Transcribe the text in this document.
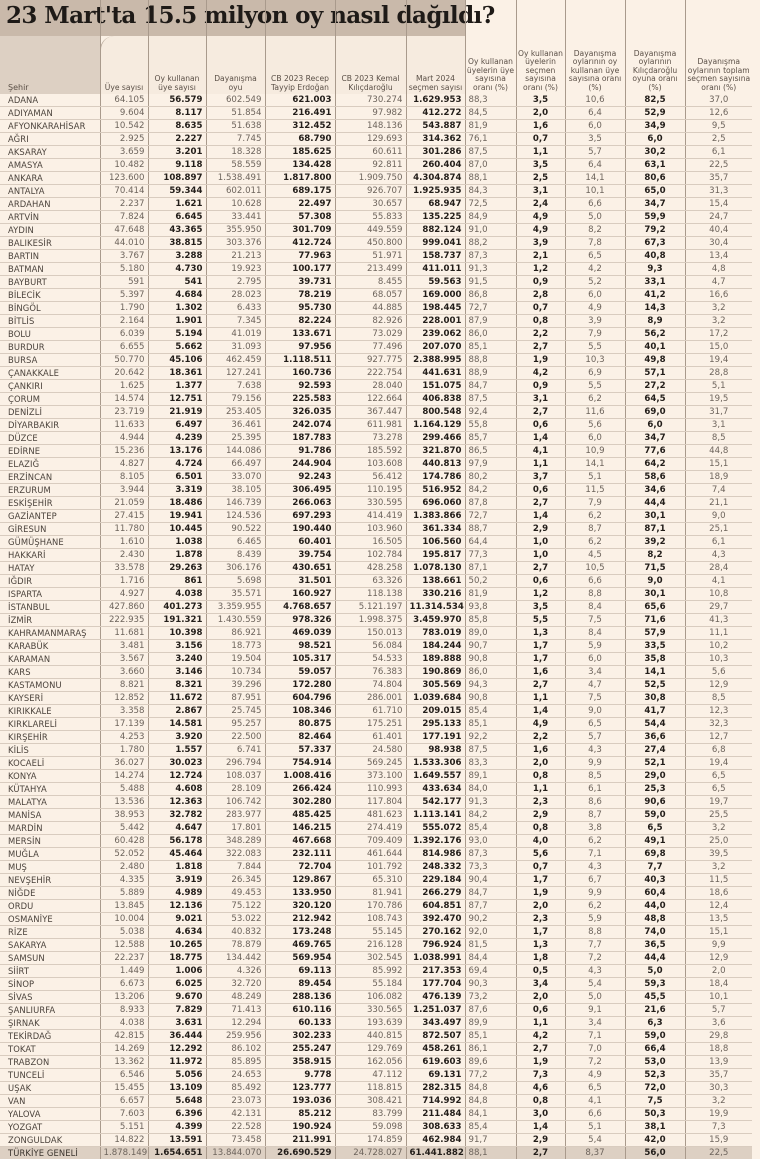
23 Mart'ta 15.5 milyon oy nasıl dağıldı?
Şehir	Üye sayısı	Oy kullanan üye sayısı	Dayanışma oyu	CB 2023 Recep Tayyip Erdoğan	CB 2023 Kemal Kılıçdaroğlu	Mart 2024 seçmen sayısı	Oy kullanan üyelerin üye sayısına oranı (%)	Oy kullanan üyelerin seçmen sayısına oranı (%)	Dayanışma oylarının oy kullanan üye sayısına oranı (%)	Dayanışma oylarının Kılıçdaroğlu oyuna oranı (%)	Dayanışma oylarının toplam seçmen sayısına oranı (%)
ADANA	64.105	56.579	602.549	621.003	730.274	1.629.953	88,3	3,5	10,6	82,5	37,0
ADIYAMAN	9.604	8.117	51.854	216.491	97.982	412.272	84,5	2,0	6,4	52,9	12,6
AFYONKARAHİSAR	10.542	8.635	51.638	312.452	148.136	543.887	81,9	1,6	6,0	34,9	9,5
AĞRI	2.925	2.227	7.745	68.790	129.693	314.362	76,1	0,7	3,5	6,0	2,5
AKSARAY	3.659	3.201	18.328	185.625	60.611	301.286	87,5	1,1	5,7	30,2	6,1
AMASYA	10.482	9.118	58.559	134.428	92.811	260.404	87,0	3,5	6,4	63,1	22,5
ANKARA	123.600	108.897	1.538.491	1.817.800	1.909.750	4.304.874	88,1	2,5	14,1	80,6	35,7
ANTALYA	70.414	59.344	602.011	689.175	926.707	1.925.935	84,3	3,1	10,1	65,0	31,3
ARDAHAN	2.237	1.621	10.628	22.497	30.657	68.947	72,5	2,4	6,6	34,7	15,4
ARTVİN	7.824	6.645	33.441	57.308	55.833	135.225	84,9	4,9	5,0	59,9	24,7
AYDIN	47.648	43.365	355.950	301.709	449.559	882.124	91,0	4,9	8,2	79,2	40,4
BALIKESİR	44.010	38.815	303.376	412.724	450.800	999.041	88,2	3,9	7,8	67,3	30,4
BARTIN	3.767	3.288	21.213	77.963	51.971	158.737	87,3	2,1	6,5	40,8	13,4
BATMAN	5.180	4.730	19.923	100.177	213.499	411.011	91,3	1,2	4,2	9,3	4,8
BAYBURT	591	541	2.795	39.731	8.455	59.563	91,5	0,9	5,2	33,1	4,7
BİLECİK	5.397	4.684	28.023	78.219	68.057	169.000	86,8	2,8	6,0	41,2	16,6
BİNGÖL	1.790	1.302	6.433	95.730	44.885	198.445	72,7	0,7	4,9	14,3	3,2
BİTLİS	2.164	1.901	7.345	82.224	82.926	228.001	87,9	0,8	3,9	8,9	3,2
BOLU	6.039	5.194	41.019	133.671	73.029	239.062	86,0	2,2	7,9	56,2	17,2
BURDUR	6.655	5.662	31.093	97.956	77.496	207.070	85,1	2,7	5,5	40,1	15,0
BURSA	50.770	45.106	462.459	1.118.511	927.775	2.388.995	88,8	1,9	10,3	49,8	19,4
ÇANAKKALE	20.642	18.361	127.241	160.736	222.754	441.631	88,9	4,2	6,9	57,1	28,8
ÇANKIRI	1.625	1.377	7.638	92.593	28.040	151.075	84,7	0,9	5,5	27,2	5,1
ÇORUM	14.574	12.751	79.156	225.583	122.664	406.838	87,5	3,1	6,2	64,5	19,5
DENİZLİ	23.719	21.919	253.405	326.035	367.447	800.548	92,4	2,7	11,6	69,0	31,7
DİYARBAKIR	11.633	6.497	36.461	242.074	611.981	1.164.129	55,8	0,6	5,6	6,0	3,1
DÜZCE	4.944	4.239	25.395	187.783	73.278	299.466	85,7	1,4	6,0	34,7	8,5
EDİRNE	15.236	13.176	144.086	91.786	185.592	321.870	86,5	4,1	10,9	77,6	44,8
ELAZIĞ	4.827	4.724	66.497	244.904	103.608	440.813	97,9	1,1	14,1	64,2	15,1
ERZİNCAN	8.105	6.501	33.070	92.243	56.412	174.786	80,2	3,7	5,1	58,6	18,9
ERZURUM	3.944	3.319	38.105	306.495	110.195	516.952	84,2	0,6	11,5	34,6	7,4
ESKİŞEHİR	21.059	18.486	146.739	266.063	330.595	696.060	87,8	2,7	7,9	44,4	21,1
GAZİANTEP	27.415	19.941	124.536	697.293	414.419	1.383.866	72,7	1,4	6,2	30,1	9,0
GİRESUN	11.780	10.445	90.522	190.440	103.960	361.334	88,7	2,9	8,7	87,1	25,1
GÜMÜŞHANE	1.610	1.038	6.465	60.401	16.505	106.560	64,4	1,0	6,2	39,2	6,1
HAKKARİ	2.430	1.878	8.439	39.754	102.784	195.817	77,3	1,0	4,5	8,2	4,3
HATAY	33.578	29.263	306.176	430.651	428.258	1.078.130	87,1	2,7	10,5	71,5	28,4
IĞDIR	1.716	861	5.698	31.501	63.326	138.661	50,2	0,6	6,6	9,0	4,1
ISPARTA	4.927	4.038	35.571	160.927	118.138	330.216	81,9	1,2	8,8	30,1	10,8
İSTANBUL	427.860	401.273	3.359.955	4.768.657	5.121.197	11.314.534	93,8	3,5	8,4	65,6	29,7
İZMİR	222.935	191.321	1.430.559	978.326	1.998.375	3.459.970	85,8	5,5	7,5	71,6	41,3
KAHRAMANMARAŞ	11.681	10.398	86.921	469.039	150.013	783.019	89,0	1,3	8,4	57,9	11,1
KARABÜK	3.481	3.156	18.773	98.521	56.084	184.244	90,7	1,7	5,9	33,5	10,2
KARAMAN	3.567	3.240	19.504	105.317	54.533	189.888	90,8	1,7	6,0	35,8	10,3
KARS	3.660	3.146	10.734	59.057	76.383	190.869	86,0	1,6	3,4	14,1	5,6
KASTAMONU	8.821	8.321	39.296	172.280	74.804	305.569	94,3	2,7	4,7	52,5	12,9
KAYSERİ	12.852	11.672	87.951	604.796	286.001	1.039.684	90,8	1,1	7,5	30,8	8,5
KIRIKKALE	3.358	2.867	25.745	108.346	61.710	209.015	85,4	1,4	9,0	41,7	12,3
KIRKLARELİ	17.139	14.581	95.257	80.875	175.251	295.133	85,1	4,9	6,5	54,4	32,3
KIRŞEHİR	4.253	3.920	22.500	82.464	61.401	177.191	92,2	2,2	5,7	36,6	12,7
KİLİS	1.780	1.557	6.741	57.337	24.580	98.938	87,5	1,6	4,3	27,4	6,8
KOCAELİ	36.027	30.023	296.794	754.914	569.245	1.533.306	83,3	2,0	9,9	52,1	19,4
KONYA	14.274	12.724	108.037	1.008.416	373.100	1.649.557	89,1	0,8	8,5	29,0	6,5
KÜTAHYA	5.488	4.608	28.109	266.424	110.993	433.634	84,0	1,1	6,1	25,3	6,5
MALATYA	13.536	12.363	106.742	302.280	117.804	542.177	91,3	2,3	8,6	90,6	19,7
MANİSA	38.953	32.782	283.977	485.425	481.623	1.113.141	84,2	2,9	8,7	59,0	25,5
MARDİN	5.442	4.647	17.801	146.215	274.419	555.072	85,4	0,8	3,8	6,5	3,2
MERSİN	60.428	56.178	348.289	467.668	709.409	1.392.176	93,0	4,0	6,2	49,1	25,0
MUĞLA	52.052	45.464	322.083	232.111	461.644	814.986	87,3	5,6	7,1	69,8	39,5
MUŞ	2.480	1.818	7.844	72.704	101.792	248.332	73,3	0,7	4,3	7,7	3,2
NEVŞEHİR	4.335	3.919	26.345	129.867	65.310	229.184	90,4	1,7	6,7	40,3	11,5
NİĞDE	5.889	4.989	49.453	133.950	81.941	266.279	84,7	1,9	9,9	60,4	18,6
ORDU	13.845	12.136	75.122	320.120	170.786	604.851	87,7	2,0	6,2	44,0	12,4
OSMANİYE	10.004	9.021	53.022	212.942	108.743	392.470	90,2	2,3	5,9	48,8	13,5
RİZE	5.038	4.634	40.832	173.248	55.145	270.162	92,0	1,7	8,8	74,0	15,1
SAKARYA	12.588	10.265	78.879	469.765	216.128	796.924	81,5	1,3	7,7	36,5	9,9
SAMSUN	22.237	18.775	134.442	569.954	302.545	1.038.991	84,4	1,8	7,2	44,4	12,9
SİİRT	1.449	1.006	4.326	69.113	85.992	217.353	69,4	0,5	4,3	5,0	2,0
SİNOP	6.673	6.025	32.720	89.454	55.184	177.704	90,3	3,4	5,4	59,3	18,4
SİVAS	13.206	9.670	48.249	288.136	106.082	476.139	73,2	2,0	5,0	45,5	10,1
ŞANLIURFA	8.933	7.829	71.413	610.116	330.565	1.251.037	87,6	0,6	9,1	21,6	5,7
ŞIRNAK	4.038	3.631	12.294	60.133	193.639	343.497	89,9	1,1	3,4	6,3	3,6
TEKİRDAĞ	42.815	36.444	259.956	302.233	440.815	872.507	85,1	4,2	7,1	59,0	29,8
TOKAT	14.269	12.292	86.102	255.247	129.769	458.261	86,1	2,7	7,0	66,4	18,8
TRABZON	13.362	11.972	85.895	358.915	162.056	619.603	89,6	1,9	7,2	53,0	13,9
TUNCELİ	6.546	5.056	24.653	9.778	47.112	69.131	77,2	7,3	4,9	52,3	35,7
UŞAK	15.455	13.109	85.492	123.777	118.815	282.315	84,8	4,6	6,5	72,0	30,3
VAN	6.657	5.648	23.073	193.036	308.421	714.992	84,8	0,8	4,1	7,5	3,2
YALOVA	7.603	6.396	42.131	85.212	83.799	211.484	84,1	3,0	6,6	50,3	19,9
YOZGAT	5.151	4.399	22.528	190.924	59.098	308.633	85,4	1,4	5,1	38,1	7,3
ZONGULDAK	14.822	13.591	73.458	211.991	174.859	462.984	91,7	2,9	5,4	42,0	15,9
TÜRKİYE GENELİ	1.878.149	1.654.651	13.844.070	26.690.529	24.728.027	61.441.882	88,1	2,7	8,37	56,0	22,5
